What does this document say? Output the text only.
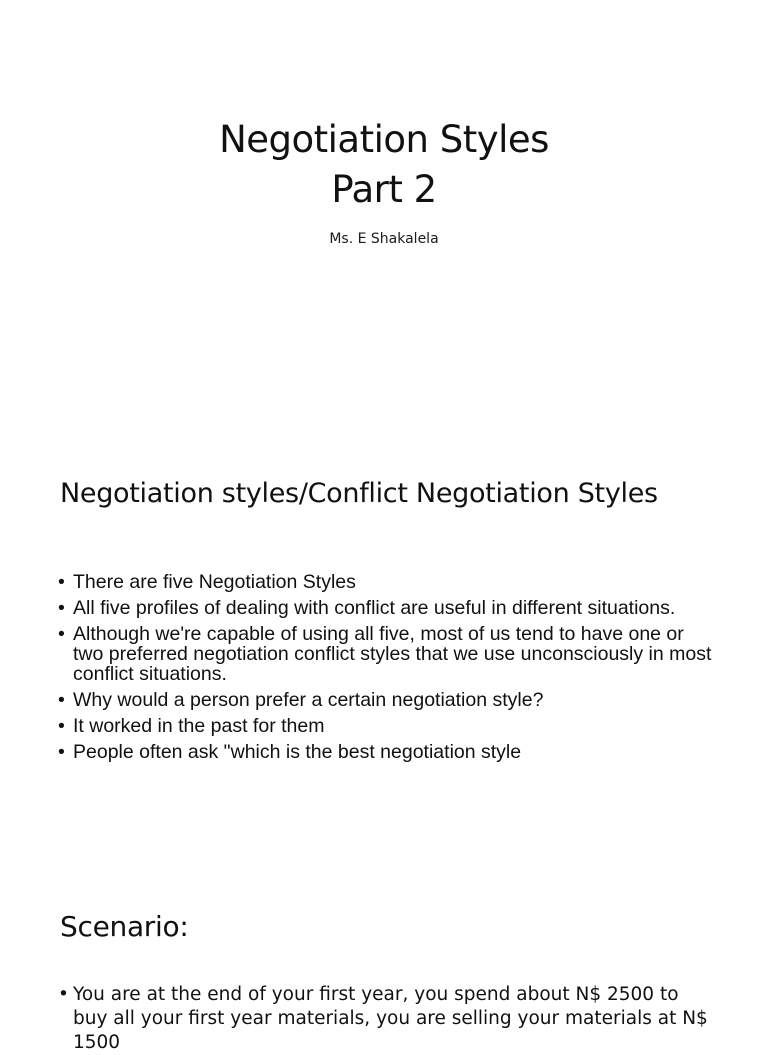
Negotiation Styles
Part 2
Ms. E Shakalela
Negotiation styles/Conflict Negotiation Styles
• There are five Negotiation Styles
• All five profiles of dealing with conflict are useful in different situations.
• Although we're capable of using all five, most of us tend to have one or two preferred negotiation conflict styles that we use unconsciously in most conflict situations.
• Why would a person prefer a certain negotiation style?
• It worked in the past for them
• People often ask "which is the best negotiation style
Scenario:
• You are at the end of your first year, you spend about N$ 2500 to buy all your first year materials, you are selling your materials at N$ 1500
